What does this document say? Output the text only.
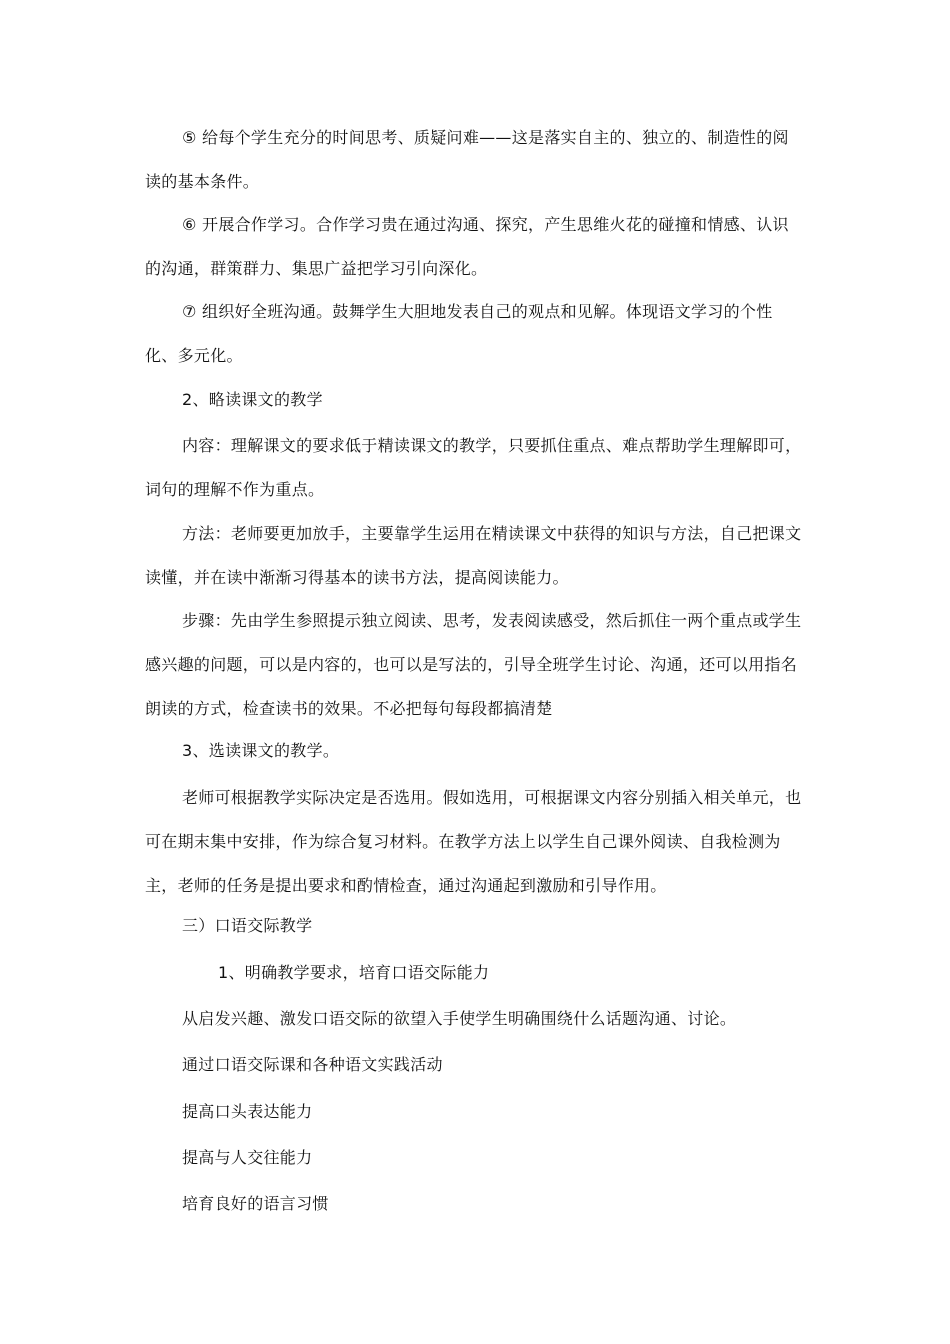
⑤ 给每个学生充分的时间思考、质疑问难——这是落实自主的、独立的、制造性的阅读的基本条件。
⑥ 开展合作学习。合作学习贵在通过沟通、探究，产生思维火花的碰撞和情感、认识的沟通，群策群力、集思广益把学习引向深化。
⑦ 组织好全班沟通。鼓舞学生大胆地发表自己的观点和见解。体现语文学习的个性化、多元化。
2、略读课文的教学
内容：理解课文的要求低于精读课文的教学，只要抓住重点、难点帮助学生理解即可，词句的理解不作为重点。
方法：老师要更加放手，主要靠学生运用在精读课文中获得的知识与方法，自己把课文读懂，并在读中渐渐习得基本的读书方法，提高阅读能力。
步骤：先由学生参照提示独立阅读、思考，发表阅读感受，然后抓住一两个重点或学生感兴趣的问题，可以是内容的，也可以是写法的，引导全班学生讨论、沟通，还可以用指名朗读的方式，检查读书的效果。不必把每句每段都搞清楚
3、选读课文的教学。
老师可根据教学实际决定是否选用。假如选用，可根据课文内容分别插入相关单元，也可在期末集中安排，作为综合复习材料。在教学方法上以学生自己课外阅读、自我检测为主，老师的任务是提出要求和酌情检查，通过沟通起到激励和引导作用。
三）口语交际教学
1、明确教学要求，培育口语交际能力
从启发兴趣、激发口语交际的欲望入手使学生明确围绕什么话题沟通、讨论。
通过口语交际课和各种语文实践活动
提高口头表达能力
提高与人交往能力
培育良好的语言习惯
